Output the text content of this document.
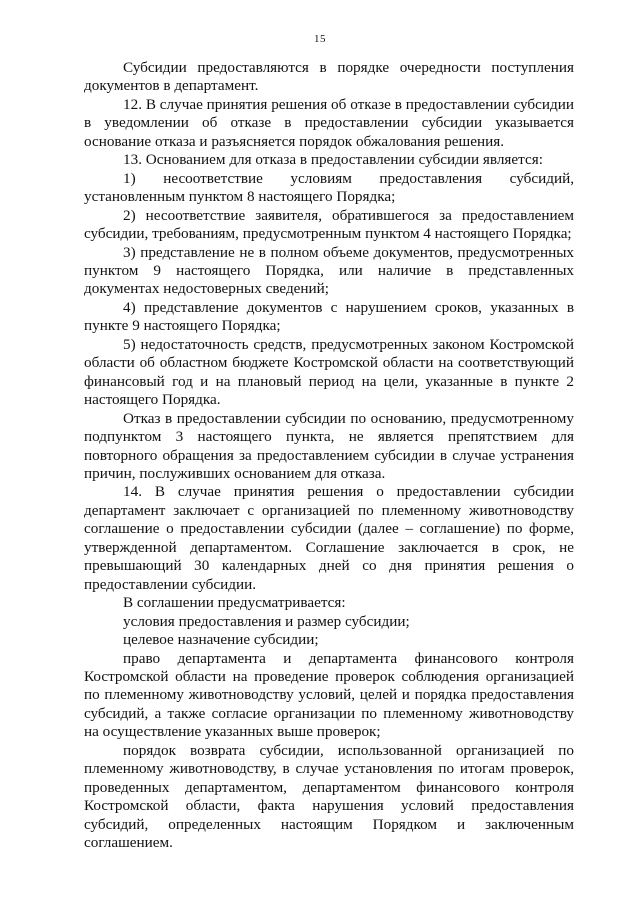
15

Субсидии предоставляются в порядке очередности поступления документов в департамент.

12. В случае принятия решения об отказе в предоставлении субсидии в уведомлении об отказе в предоставлении субсидии указывается основание отказа и разъясняется порядок обжалования решения.

13. Основанием для отказа в предоставлении субсидии является:

1) несоответствие условиям предоставления субсидий, установленным пунктом 8 настоящего Порядка;

2) несоответствие заявителя, обратившегося за предоставлением субсидии, требованиям, предусмотренным пунктом 4 настоящего Порядка;

3) представление не в полном объеме документов, предусмотренных пунктом 9 настоящего Порядка, или наличие в представленных документах недостоверных сведений;

4) представление документов с нарушением сроков, указанных в пункте 9 настоящего Порядка;

5) недостаточность средств, предусмотренных законом Костромской области об областном бюджете Костромской области на соответствующий финансовый год и на плановый период на цели, указанные в пункте 2 настоящего Порядка.

Отказ в предоставлении субсидии по основанию, предусмотренному подпунктом 3 настоящего пункта, не является препятствием для повторного обращения за предоставлением субсидии в случае устранения причин, послуживших основанием для отказа.

14. В случае принятия решения о предоставлении субсидии департамент заключает с организацией по племенному животноводству соглашение о предоставлении субсидии (далее – соглашение) по форме, утвержденной департаментом. Соглашение заключается в срок, не превышающий 30 календарных дней со дня принятия решения о предоставлении субсидии.

В соглашении предусматривается:

условия предоставления и размер субсидии;

целевое назначение субсидии;

право департамента и департамента финансового контроля Костромской области на проведение проверок соблюдения организацией по племенному животноводству условий, целей и порядка предоставления субсидий, а также согласие организации по племенному животноводству на осуществление указанных выше проверок;

порядок возврата субсидии, использованной организацией по племенному животноводству, в случае установления по итогам проверок, проведенных департаментом, департаментом финансового контроля Костромской области, факта нарушения условий предоставления субсидий, определенных настоящим Порядком и заключенным соглашением.
